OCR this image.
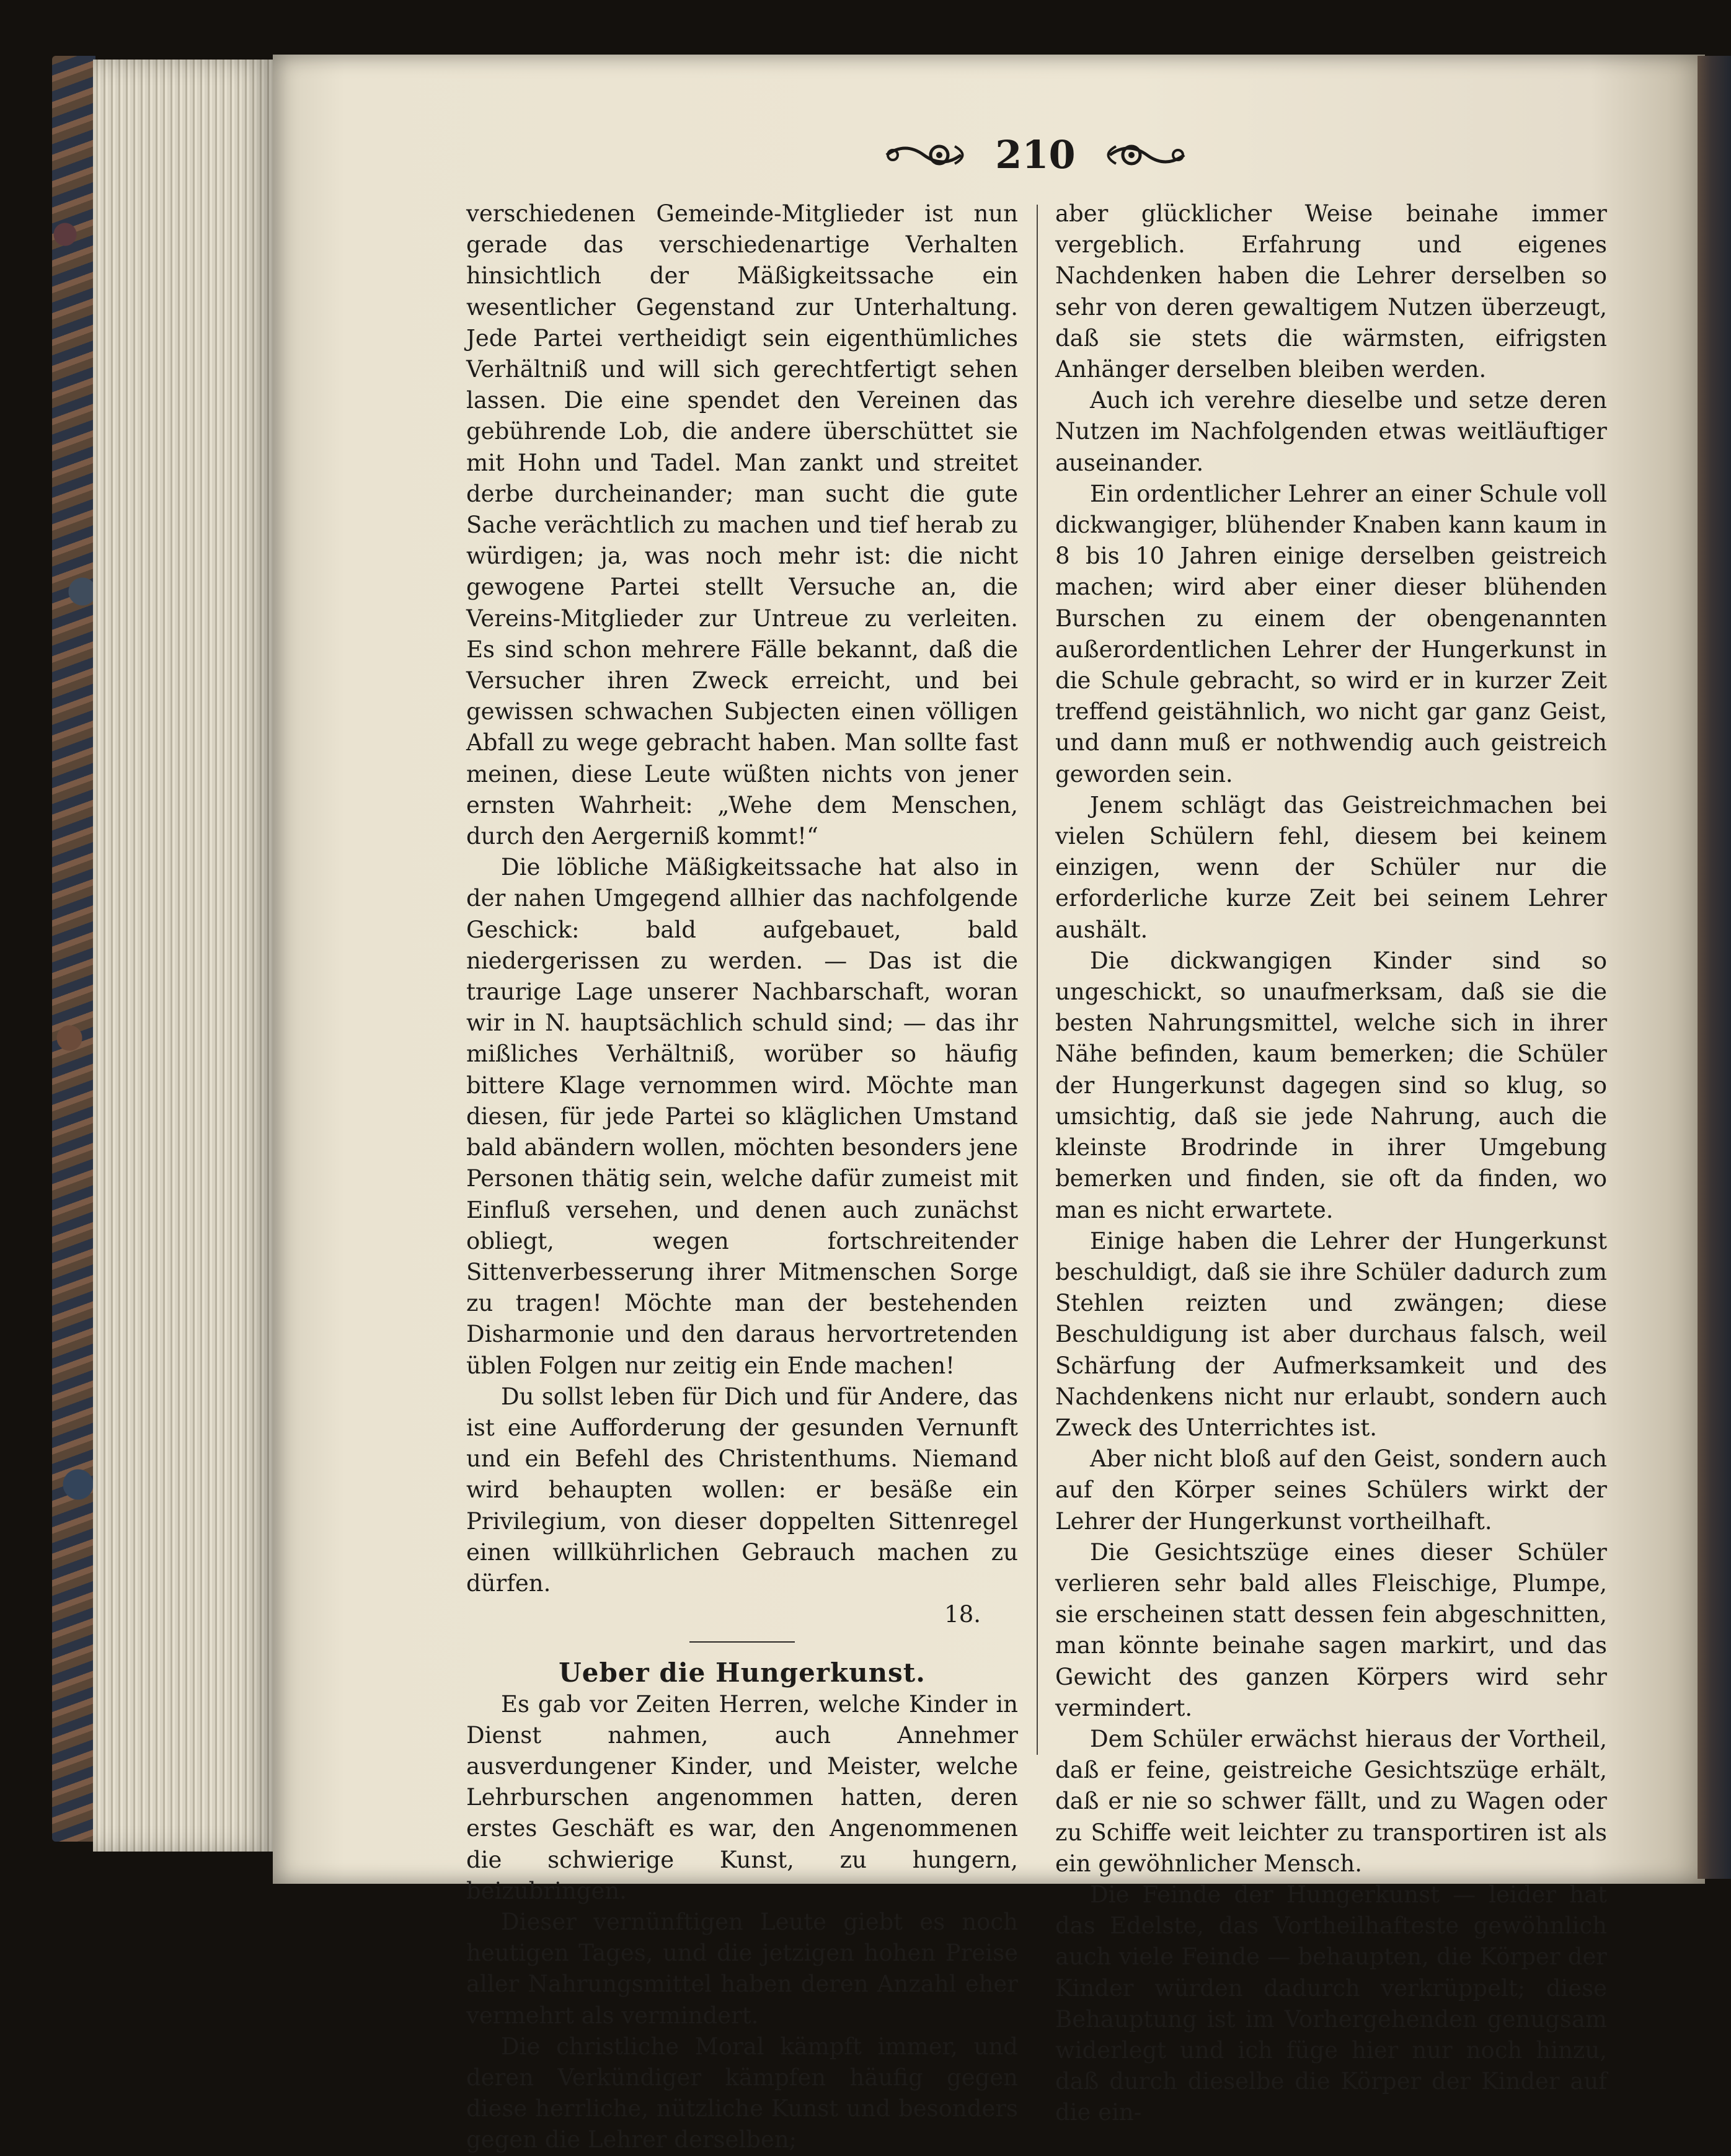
210

verschiedenen Gemeinde-Mitglieder ist nun gerade das verschiedenartige Verhalten hinsichtlich der Mäßigkeitssache ein wesentlicher Gegenstand zur Unterhaltung. Jede Partei vertheidigt sein eigenthümliches Verhältniß und will sich gerechtfertigt sehen lassen. Die eine spendet den Vereinen das gebührende Lob, die andere überschüttet sie mit Hohn und Tadel. Man zankt und streitet derbe durcheinander; man sucht die gute Sache verächtlich zu machen und tief herab zu würdigen; ja, was noch mehr ist: die nicht gewogene Partei stellt Versuche an, die Vereins-Mitglieder zur Untreue zu verleiten. Es sind schon mehrere Fälle bekannt, daß die Versucher ihren Zweck erreicht, und bei gewissen schwachen Subjecten einen völligen Abfall zu wege gebracht haben. Man sollte fast meinen, diese Leute wüßten nichts von jener ernsten Wahrheit: „Wehe dem Menschen, durch den Aergerniß kommt!“

Die löbliche Mäßigkeitssache hat also in der nahen Umgegend allhier das nachfolgende Geschick: bald aufgebauet, bald niedergerissen zu werden. — Das ist die traurige Lage unserer Nachbarschaft, woran wir in N. hauptsächlich schuld sind; — das ihr mißliches Verhältniß, worüber so häufig bittere Klage vernommen wird. Möchte man diesen, für jede Partei so kläglichen Umstand bald abändern wollen, möchten besonders jene Personen thätig sein, welche dafür zumeist mit Einfluß versehen, und denen auch zunächst obliegt, wegen fortschreitender Sittenverbesserung ihrer Mitmenschen Sorge zu tragen! Möchte man der bestehenden Disharmonie und den daraus hervortretenden üblen Folgen nur zeitig ein Ende machen!

Du sollst leben für Dich und für Andere, das ist eine Aufforderung der gesunden Vernunft und ein Befehl des Christenthums. Niemand wird behaupten wollen: er besäße ein Privilegium, von dieser doppelten Sittenregel einen willkührlichen Gebrauch machen zu dürfen.

18.

Ueber die Hungerkunst.

Es gab vor Zeiten Herren, welche Kinder in Dienst nahmen, auch Annehmer ausverdungener Kinder, und Meister, welche Lehrburschen angenommen hatten, deren erstes Geschäft es war, den Angenommenen die schwierige Kunst, zu hungern, beizubringen.

Dieser vernünftigen Leute giebt es noch heutigen Tages, und die jetzigen hohen Preise aller Nahrungsmittel haben deren Anzahl eher vermehrt als vermindert.

Die christliche Moral kämpft immer, und deren Verkündiger kämpfen häufig gegen diese herrliche, nützliche Kunst und besonders gegen die Lehrer derselben;

aber glücklicher Weise beinahe immer vergeblich. Erfahrung und eigenes Nachdenken haben die Lehrer derselben so sehr von deren gewaltigem Nutzen überzeugt, daß sie stets die wärmsten, eifrigsten Anhänger derselben bleiben werden.

Auch ich verehre dieselbe und setze deren Nutzen im Nachfolgenden etwas weitläuftiger auseinander.

Ein ordentlicher Lehrer an einer Schule voll dickwangiger, blühender Knaben kann kaum in 8 bis 10 Jahren einige derselben geistreich machen; wird aber einer dieser blühenden Burschen zu einem der obengenannten außerordentlichen Lehrer der Hungerkunst in die Schule gebracht, so wird er in kurzer Zeit treffend geistähnlich, wo nicht gar ganz Geist, und dann muß er nothwendig auch geistreich geworden sein.

Jenem schlägt das Geistreichmachen bei vielen Schülern fehl, diesem bei keinem einzigen, wenn der Schüler nur die erforderliche kurze Zeit bei seinem Lehrer aushält.

Die dickwangigen Kinder sind so ungeschickt, so unaufmerksam, daß sie die besten Nahrungsmittel, welche sich in ihrer Nähe befinden, kaum bemerken; die Schüler der Hungerkunst dagegen sind so klug, so umsichtig, daß sie jede Nahrung, auch die kleinste Brodrinde in ihrer Umgebung bemerken und finden, sie oft da finden, wo man es nicht erwartete.

Einige haben die Lehrer der Hungerkunst beschuldigt, daß sie ihre Schüler dadurch zum Stehlen reizten und zwängen; diese Beschuldigung ist aber durchaus falsch, weil Schärfung der Aufmerksamkeit und des Nachdenkens nicht nur erlaubt, sondern auch Zweck des Unterrichtes ist.

Aber nicht bloß auf den Geist, sondern auch auf den Körper seines Schülers wirkt der Lehrer der Hungerkunst vortheilhaft.

Die Gesichtszüge eines dieser Schüler verlieren sehr bald alles Fleischige, Plumpe, sie erscheinen statt dessen fein abgeschnitten, man könnte beinahe sagen markirt, und das Gewicht des ganzen Körpers wird sehr vermindert.

Dem Schüler erwächst hieraus der Vortheil, daß er feine, geistreiche Gesichtszüge erhält, daß er nie so schwer fällt, und zu Wagen oder zu Schiffe weit leichter zu transportiren ist als ein gewöhnlicher Mensch.

Die Feinde der Hungerkunst — leider hat das Edelste, das Vortheilhafteste gewöhnlich auch viele Feinde — behaupten, die Körper der Kinder würden dadurch verkrüppelt; diese Behauptung ist im Vorhergehenden genugsam widerlegt und ich füge hier nur noch hinzu, daß durch dieselbe die Körper der Kinder auf die ein-
